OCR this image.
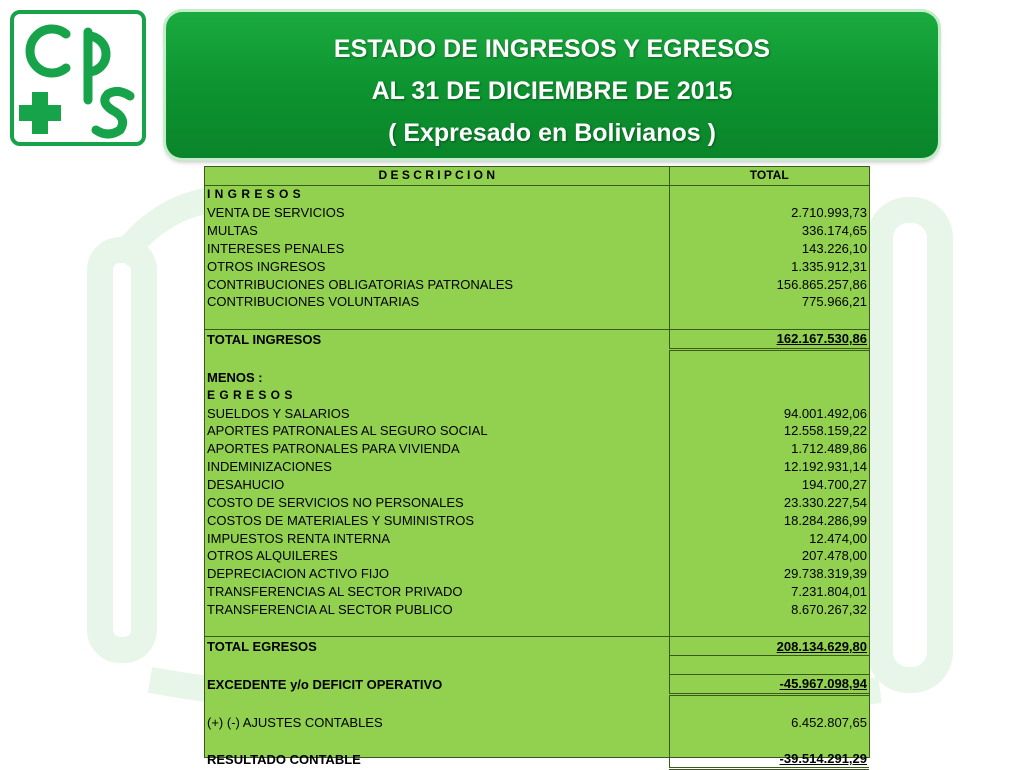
ESTADO DE INGRESOS Y EGRESOS
AL 31 DE DICIEMBRE DE 2015
( Expresado en Bolivianos )
D E S C R I P C I O N	TOTAL
I N G R E S O S	
VENTA DE SERVICIOS	2.710.993,73
MULTAS	336.174,65
INTERESES PENALES	143.226,10
OTROS INGRESOS	1.335.912,31
CONTRIBUCIONES OBLIGATORIAS PATRONALES	156.865.257,86
CONTRIBUCIONES VOLUNTARIAS	775.966,21

TOTAL INGRESOS	162.167.530,86

MENOS :	
E G R E S O S	
SUELDOS Y SALARIOS	94.001.492,06
APORTES PATRONALES AL SEGURO SOCIAL	12.558.159,22
APORTES PATRONALES PARA VIVIENDA	1.712.489,86
INDEMINIZACIONES	12.192.931,14
DESAHUCIO	194.700,27
COSTO DE SERVICIOS NO PERSONALES	23.330.227,54
COSTOS DE MATERIALES Y SUMINISTROS	18.284.286,99
IMPUESTOS RENTA INTERNA	12.474,00
OTROS ALQUILERES	207.478,00
DEPRECIACION ACTIVO FIJO	29.738.319,39
TRANSFERENCIAS AL SECTOR PRIVADO	7.231.804,01
TRANSFERENCIA AL SECTOR PUBLICO	8.670.267,32

TOTAL EGRESOS	208.134.629,80

EXCEDENTE y/o DEFICIT OPERATIVO	-45.967.098,94

(+) (-) AJUSTES CONTABLES	6.452.807,65

RESULTADO CONTABLE	-39.514.291,29
